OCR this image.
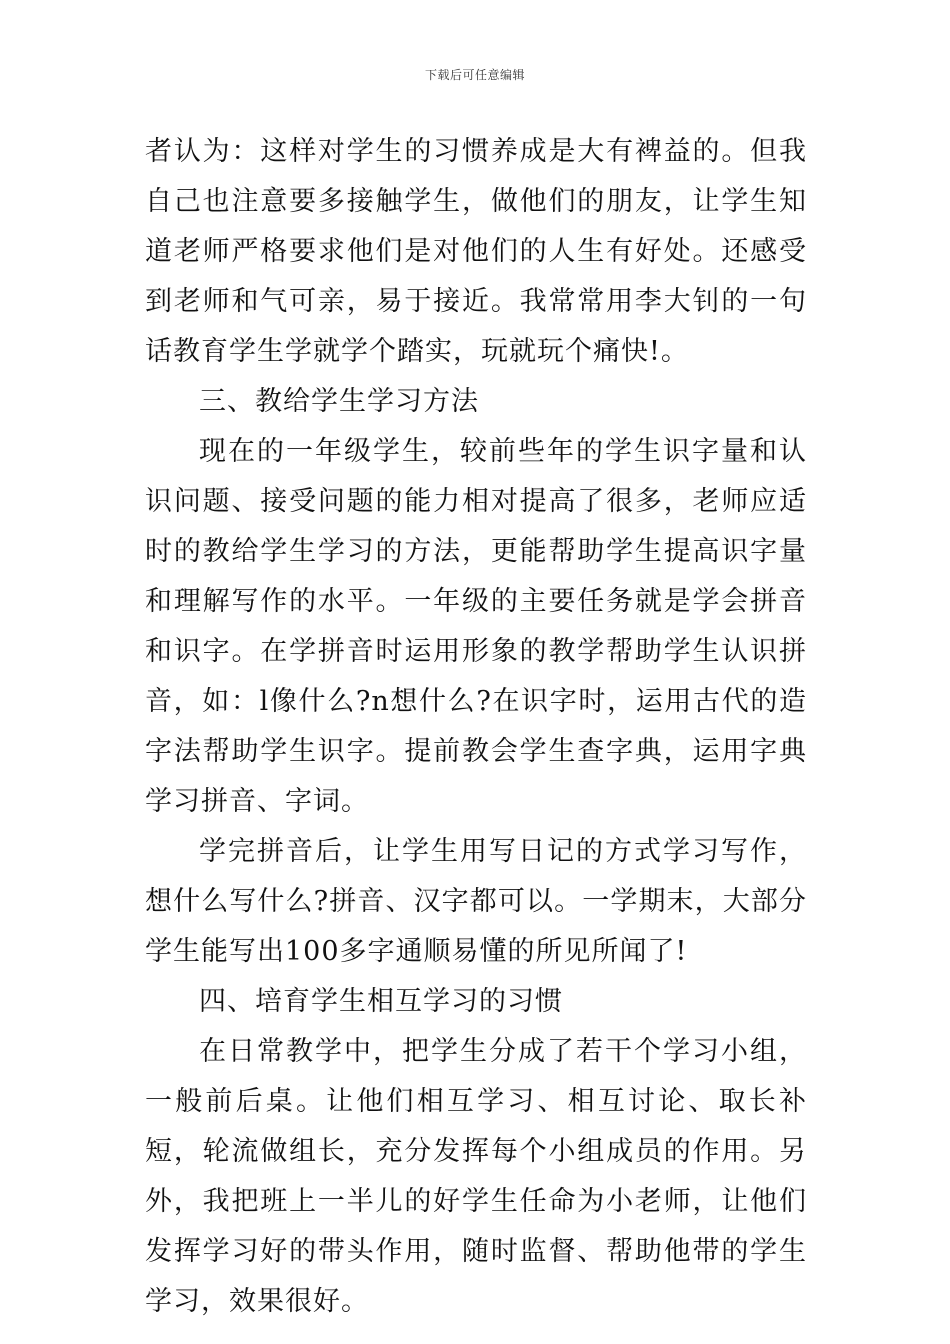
下载后可任意编辑

者认为：这样对学生的习惯养成是大有裨益的。但我自己也注意要多接触学生，做他们的朋友，让学生知道老师严格要求他们是对他们的人生有好处。还感受到老师和气可亲，易于接近。我常常用李大钊的一句话教育学生学就学个踏实，玩就玩个痛快!。

三、教给学生学习方法

现在的一年级学生，较前些年的学生识字量和认识问题、接受问题的能力相对提高了很多，老师应适时的教给学生学习的方法，更能帮助学生提高识字量和理解写作的水平。一年级的主要任务就是学会拼音和识字。在学拼音时运用形象的教学帮助学生认识拼音，如：l像什么?n想什么?在识字时，运用古代的造字法帮助学生识字。提前教会学生查字典，运用字典学习拼音、字词。

学完拼音后，让学生用写日记的方式学习写作，想什么写什么?拼音、汉字都可以。一学期末，大部分学生能写出100多字通顺易懂的所见所闻了!

四、培育学生相互学习的习惯

在日常教学中，把学生分成了若干个学习小组，一般前后桌。让他们相互学习、相互讨论、取长补短，轮流做组长，充分发挥每个小组成员的作用。另外，我把班上一半儿的好学生任命为小老师，让他们发挥学习好的带头作用，随时监督、帮助他带的学生学习，效果很好。
